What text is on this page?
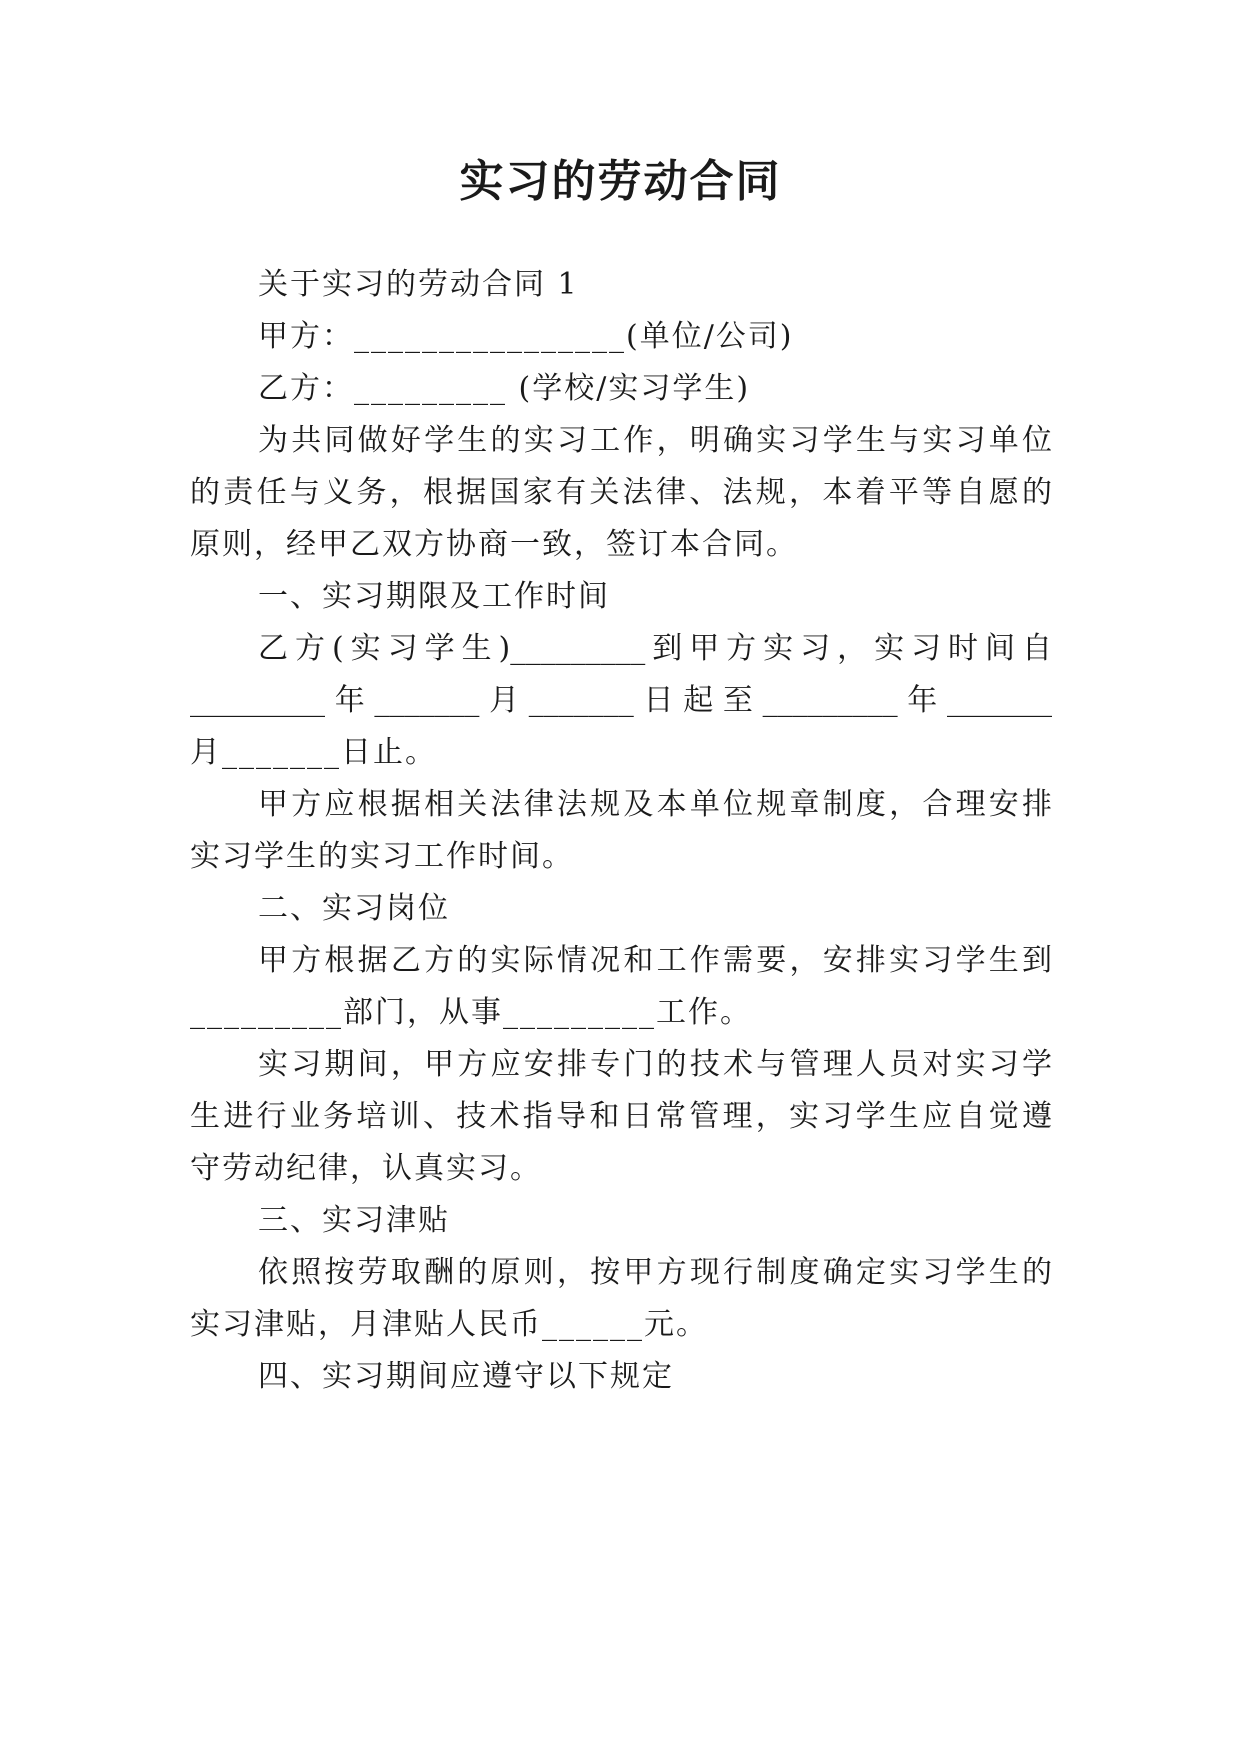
实习的劳动合同
关于实习的劳动合同 1
甲方：________________(单位/公司)
乙方：_________ (学校/实习学生)
为共同做好学生的实习工作，明确实习学生与实习单位
的责任与义务，根据国家有关法律、法规，本着平等自愿的
原则，经甲乙双方协商一致，签订本合同。
一、实习期限及工作时间
乙方(实习学生)_________到甲方实习，实习时间自
_________年_______月_______日起至_________年_______
月_______日止。
甲方应根据相关法律法规及本单位规章制度，合理安排
实习学生的实习工作时间。
二、实习岗位
甲方根据乙方的实际情况和工作需要，安排实习学生到
_________部门，从事_________工作。
实习期间，甲方应安排专门的技术与管理人员对实习学
生进行业务培训、技术指导和日常管理，实习学生应自觉遵
守劳动纪律，认真实习。
三、实习津贴
依照按劳取酬的原则，按甲方现行制度确定实习学生的
实习津贴，月津贴人民币______元。
四、实习期间应遵守以下规定
